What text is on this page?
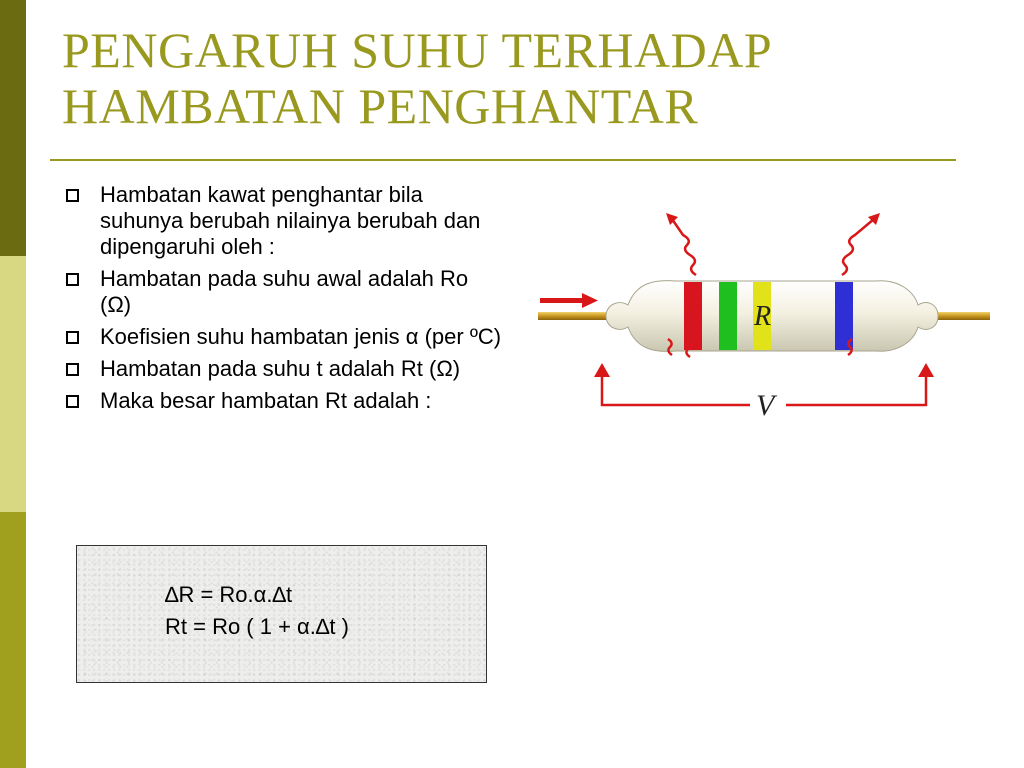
PENGARUH SUHU TERHADAP
HAMBATAN PENGHANTAR
Hambatan kawat penghantar bila suhunya berubah nilainya berubah dan dipengaruhi oleh :
Hambatan pada suhu awal adalah Ro (Ω)
Koefisien suhu hambatan jenis α (per ºC)
Hambatan pada suhu t adalah Rt (Ω)
Maka besar hambatan Rt adalah :
∆R = Ro.α.∆t
Rt = Ro ( 1 + α.∆t )
R
V
